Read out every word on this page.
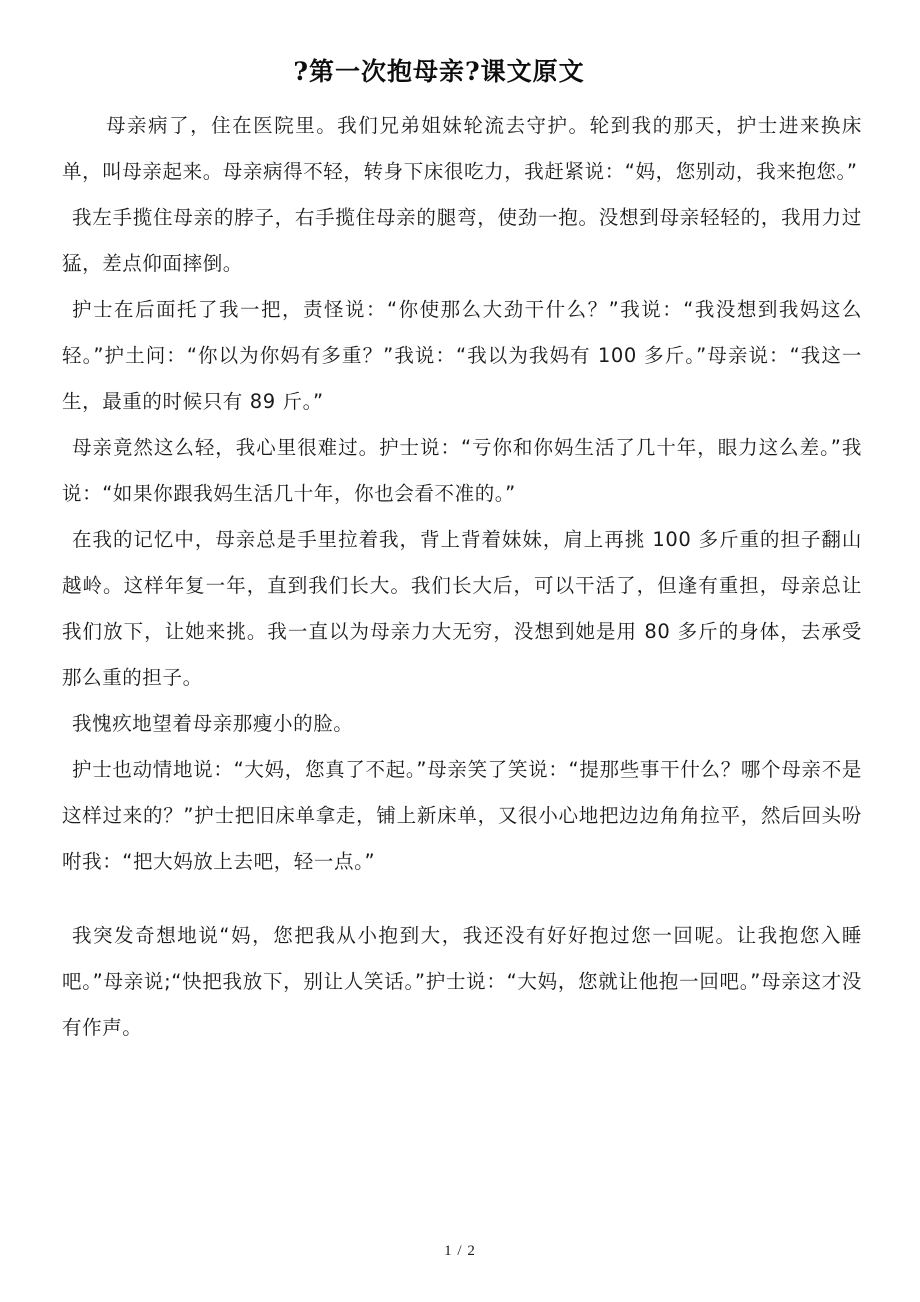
?第一次抱母亲?课文原文

母亲病了，住在医院里。我们兄弟姐妹轮流去守护。轮到我的那天，护士进来换床单，叫母亲起来。母亲病得不轻，转身下床很吃力，我赶紧说：“妈，您别动，我来抱您。”

我左手揽住母亲的脖子，右手揽住母亲的腿弯，使劲一抱。没想到母亲轻轻的，我用力过猛，差点仰面摔倒。

护士在后面托了我一把，责怪说：“你使那么大劲干什么？”我说：“我没想到我妈这么轻。”护土问：“你以为你妈有多重？”我说：“我以为我妈有 100 多斤。”母亲说：“我这一生，最重的时候只有 89 斤。”

母亲竟然这么轻，我心里很难过。护士说：“亏你和你妈生活了几十年，眼力这么差。”我说：“如果你跟我妈生活几十年，你也会看不准的。”

在我的记忆中，母亲总是手里拉着我，背上背着妹妹，肩上再挑 100 多斤重的担子翻山越岭。这样年复一年，直到我们长大。我们长大后，可以干活了，但逢有重担，母亲总让我们放下，让她来挑。我一直以为母亲力大无穷，没想到她是用 80 多斤的身体，去承受那么重的担子。

我愧疚地望着母亲那瘦小的脸。

护士也动情地说：“大妈，您真了不起。”母亲笑了笑说：“提那些事干什么？哪个母亲不是这样过来的？”护士把旧床单拿走，铺上新床单，又很小心地把边边角角拉平，然后回头吩咐我：“把大妈放上去吧，轻一点。”

我突发奇想地说“妈，您把我从小抱到大，我还没有好好抱过您一回呢。让我抱您入睡吧。”母亲说;“快把我放下，别让人笑话。”护士说：“大妈，您就让他抱一回吧。”母亲这才没有作声。

1 / 2
